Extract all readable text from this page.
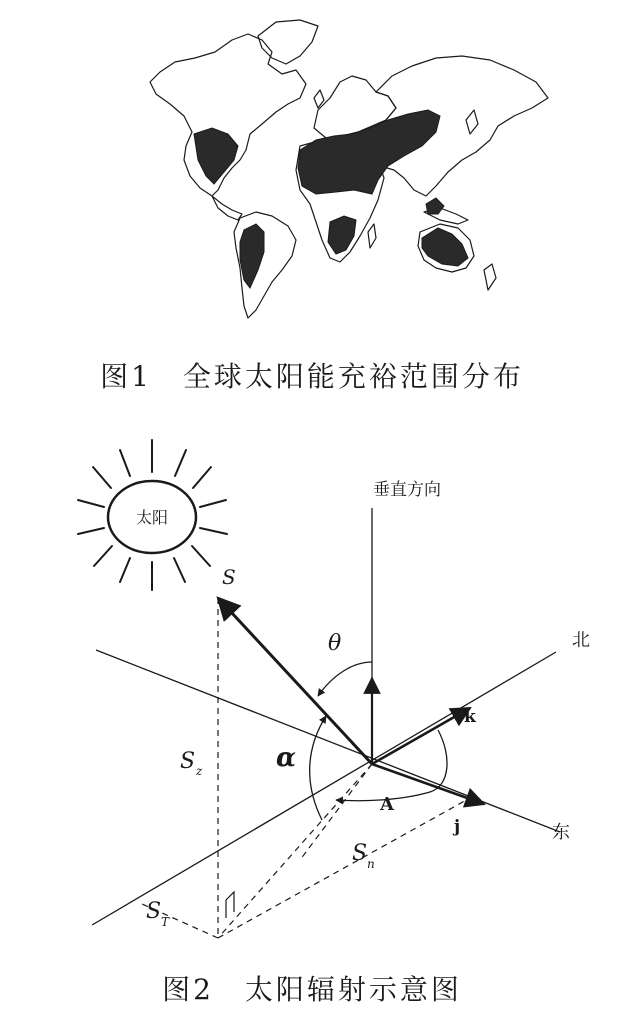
图1　全球太阳能充裕范围分布
太阳
垂直方向
北
东
S
θ
α
A
k
j
S z
S n
S T
图2　太阳辐射示意图
